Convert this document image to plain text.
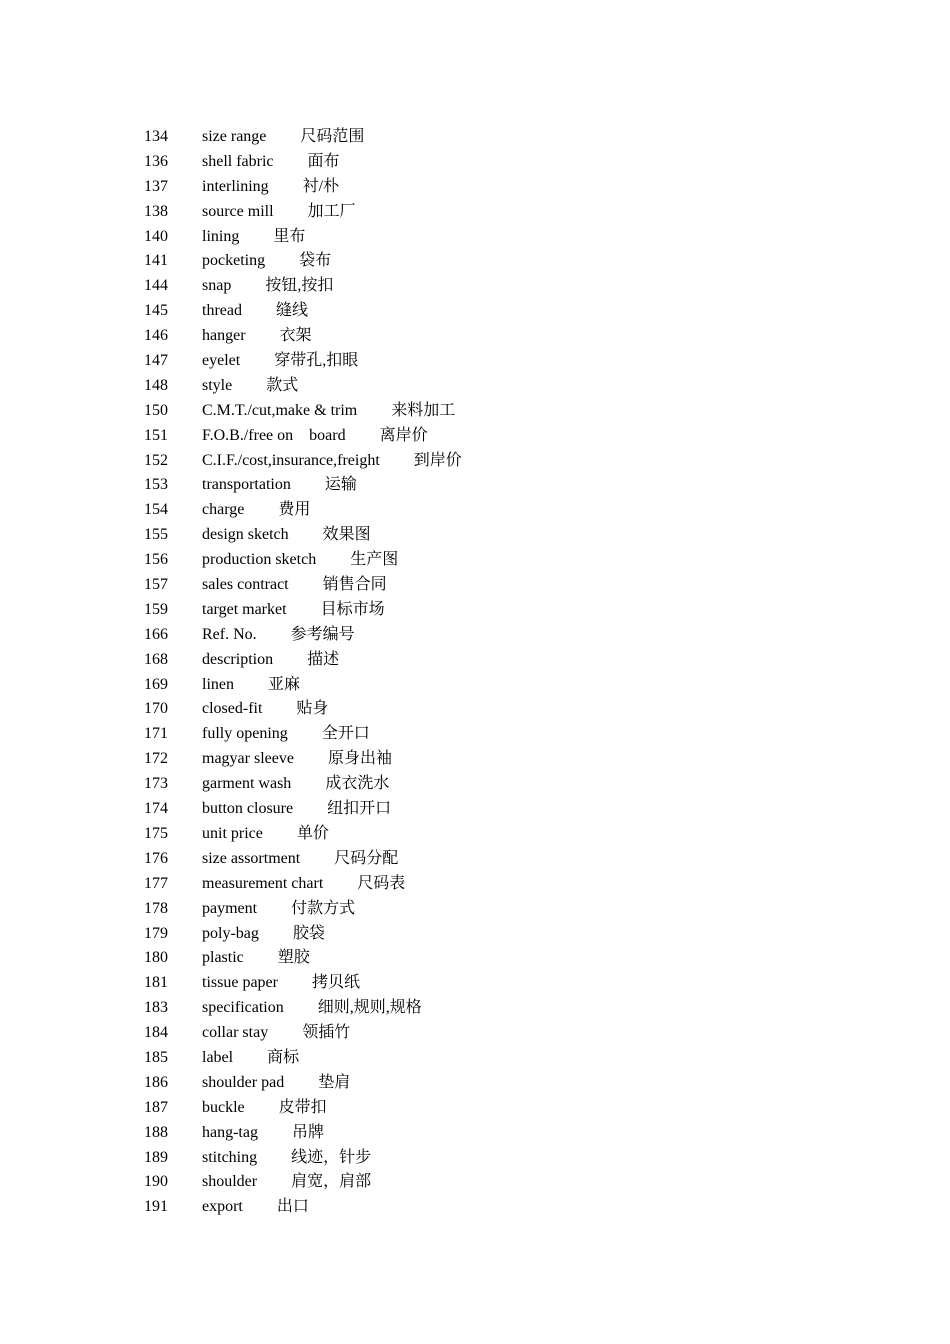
134 size range 尺码范围
136 shell fabric 面布
137 interlining 衬/朴
138 source mill 加工厂
140 lining 里布
141 pocketing 袋布
144 snap 按钮,按扣
145 thread 缝线
146 hanger 衣架
147 eyelet 穿带孔,扣眼
148 style 款式
150 C.M.T./cut,make & trim 来料加工
151 F.O.B./free on    board 离岸价
152 C.I.F./cost,insurance,freight 到岸价
153 transportation 运输
154 charge 费用
155 design sketch 效果图
156 production sketch 生产图
157 sales contract 销售合同
159 target market 目标市场
166 Ref. No. 参考编号
168 description 描述
169 linen 亚麻
170 closed-fit 贴身
171 fully opening 全开口
172 magyar sleeve 原身出袖
173 garment wash 成衣洗水
174 button closure 纽扣开口
175 unit price 单价
176 size assortment 尺码分配
177 measurement chart 尺码表
178 payment 付款方式
179 poly-bag 胶袋
180 plastic 塑胶
181 tissue paper 拷贝纸
183 specification 细则,规则,规格
184 collar stay 领插竹
185 label 商标
186 shoulder pad 垫肩
187 buckle 皮带扣
188 hang-tag 吊牌
189 stitching 线迹，针步
190 shoulder 肩宽，肩部
191 export 出口
